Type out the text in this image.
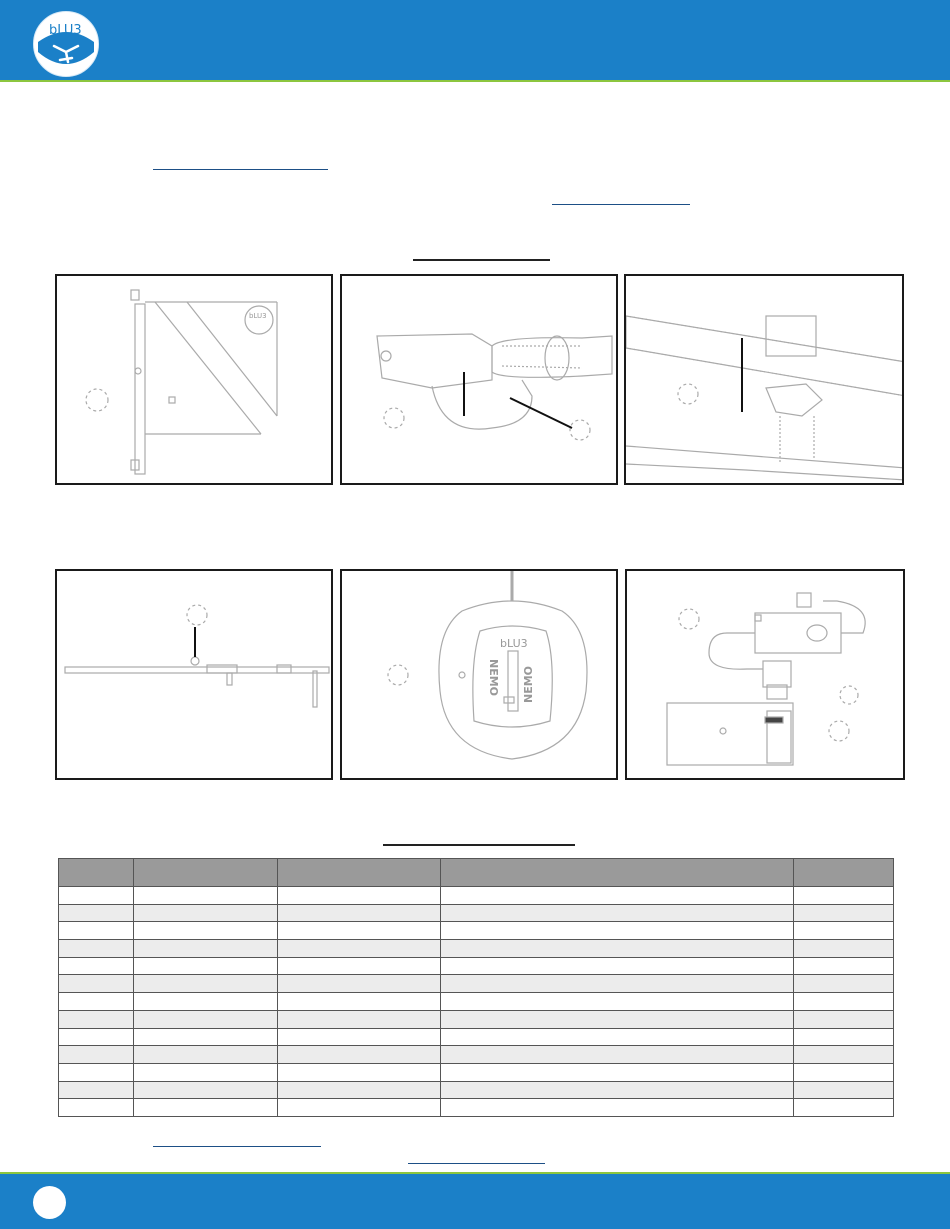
bLU3
bLU3
bLU3
NEMO NEMO
